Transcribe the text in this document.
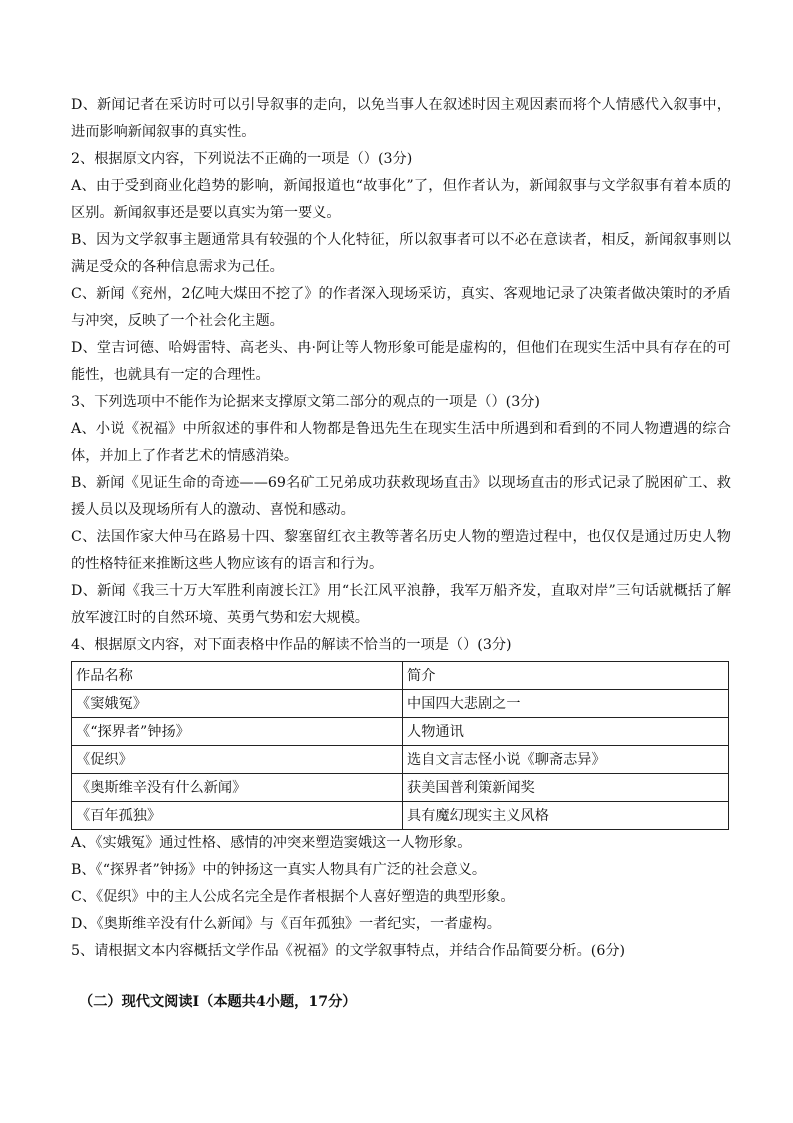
D、新闻记者在采访时可以引导叙事的走向，以免当事人在叙述时因主观因素而将个人情感代入叙事中，进而影响新闻叙事的真实性。

2、根据原文内容，下列说法不正确的一项是（）(3分)

A、由于受到商业化趋势的影响，新闻报道也“故事化”了，但作者认为，新闻叙事与文学叙事有着本质的区别。新闻叙事还是要以真实为第一要义。

B、因为文学叙事主题通常具有较强的个人化特征，所以叙事者可以不必在意读者，相反，新闻叙事则以满足受众的各种信息需求为己任。

C、新闻《兖州，2亿吨大煤田不挖了》的作者深入现场采访，真实、客观地记录了决策者做决策时的矛盾与冲突，反映了一个社会化主题。

D、堂吉诃德、哈姆雷特、高老头、冉·阿让等人物形象可能是虚构的，但他们在现实生活中具有存在的可能性，也就具有一定的合理性。

3、下列选项中不能作为论据来支撑原文第二部分的观点的一项是（）(3分)

A、小说《祝福》中所叙述的事件和人物都是鲁迅先生在现实生活中所遇到和看到的不同人物遭遇的综合体，并加上了作者艺术的情感消染。

B、新闻《见证生命的奇迹——69名矿工兄弟成功获救现场直击》以现场直击的形式记录了脱困矿工、救援人员以及现场所有人的激动、喜悦和感动。

C、法国作家大仲马在路易十四、黎塞留红衣主教等著名历史人物的塑造过程中，也仅仅是通过历史人物的性格特征来推断这些人物应该有的语言和行为。

D、新闻《我三十万大军胜利南渡长江》用“长江风平浪静，我军万船齐发，直取对岸”三句话就概括了解放军渡江时的自然环境、英勇气势和宏大规模。

4、根据原文内容，对下面表格中作品的解读不恰当的一项是（）(3分)

作品名称	简介
《窦娥冤》	中国四大悲剧之一
《“探界者”钟扬》	人物通讯
《促织》	选自文言志怪小说《聊斋志异》
《奥斯维辛没有什么新闻》	获美国普利策新闻奖
《百年孤独》	具有魔幻现实主义风格

A、《实娥冤》通过性格、感情的冲突来塑造窦娥这一人物形象。

B、《“探界者”钟扬》中的钟扬这一真实人物具有广泛的社会意义。

C、《促织》中的主人公成名完全是作者根据个人喜好塑造的典型形象。

D、《奥斯维辛没有什么新闻》与《百年孤独》一者纪实，一者虚构。

5、请根据文本内容概括文学作品《祝福》的文学叙事特点，并结合作品简要分析。(6分)

（二）现代文阅读Ⅰ（本题共4小题，17分）
